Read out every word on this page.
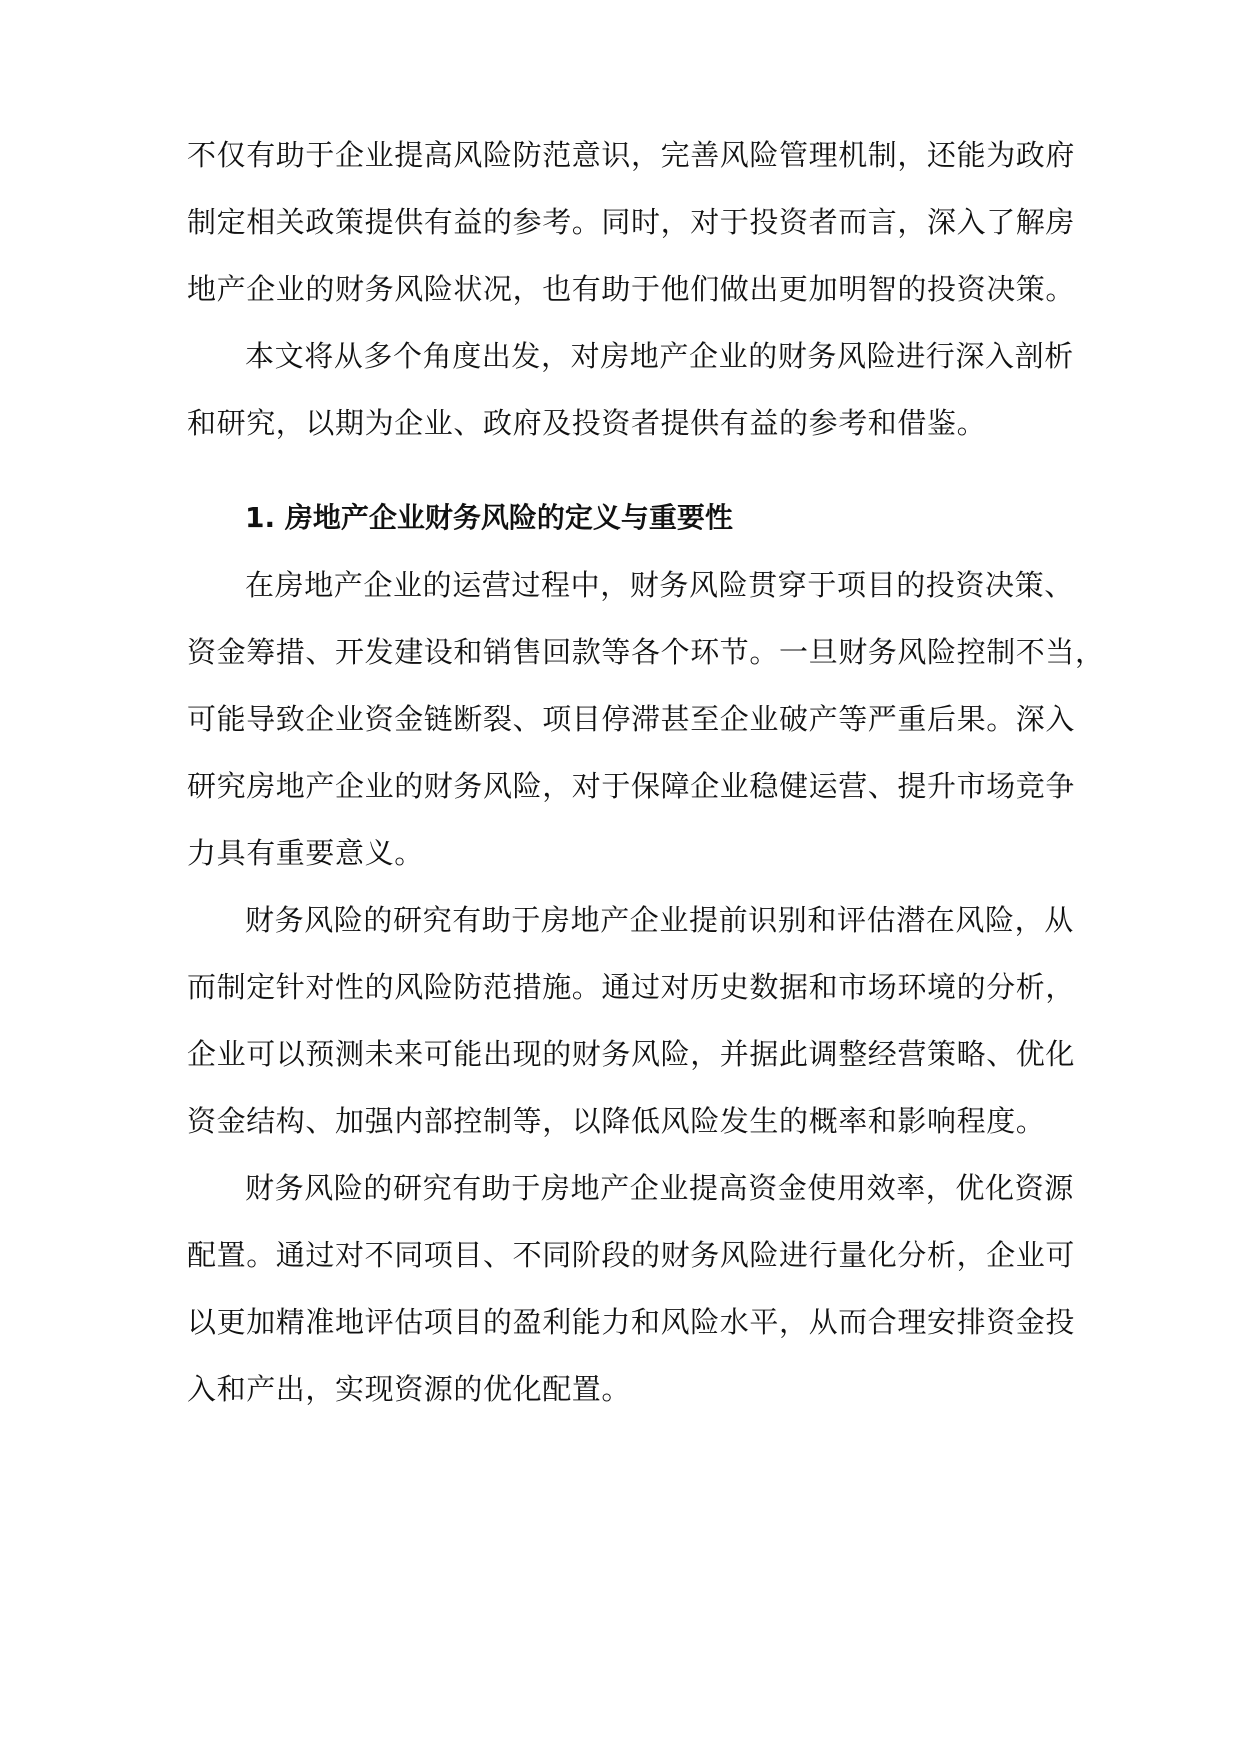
不仅有助于企业提高风险防范意识，完善风险管理机制，还能为政府
制定相关政策提供有益的参考。同时，对于投资者而言，深入了解房
地产企业的财务风险状况，也有助于他们做出更加明智的投资决策。
本文将从多个角度出发，对房地产企业的财务风险进行深入剖析
和研究，以期为企业、政府及投资者提供有益的参考和借鉴。
1. 房地产企业财务风险的定义与重要性
在房地产企业的运营过程中，财务风险贯穿于项目的投资决策、
资金筹措、开发建设和销售回款等各个环节。一旦财务风险控制不当，
可能导致企业资金链断裂、项目停滞甚至企业破产等严重后果。深入
研究房地产企业的财务风险，对于保障企业稳健运营、提升市场竞争
力具有重要意义。
财务风险的研究有助于房地产企业提前识别和评估潜在风险，从
而制定针对性的风险防范措施。通过对历史数据和市场环境的分析，
企业可以预测未来可能出现的财务风险，并据此调整经营策略、优化
资金结构、加强内部控制等，以降低风险发生的概率和影响程度。
财务风险的研究有助于房地产企业提高资金使用效率，优化资源
配置。通过对不同项目、不同阶段的财务风险进行量化分析，企业可
以更加精准地评估项目的盈利能力和风险水平，从而合理安排资金投
入和产出，实现资源的优化配置。
